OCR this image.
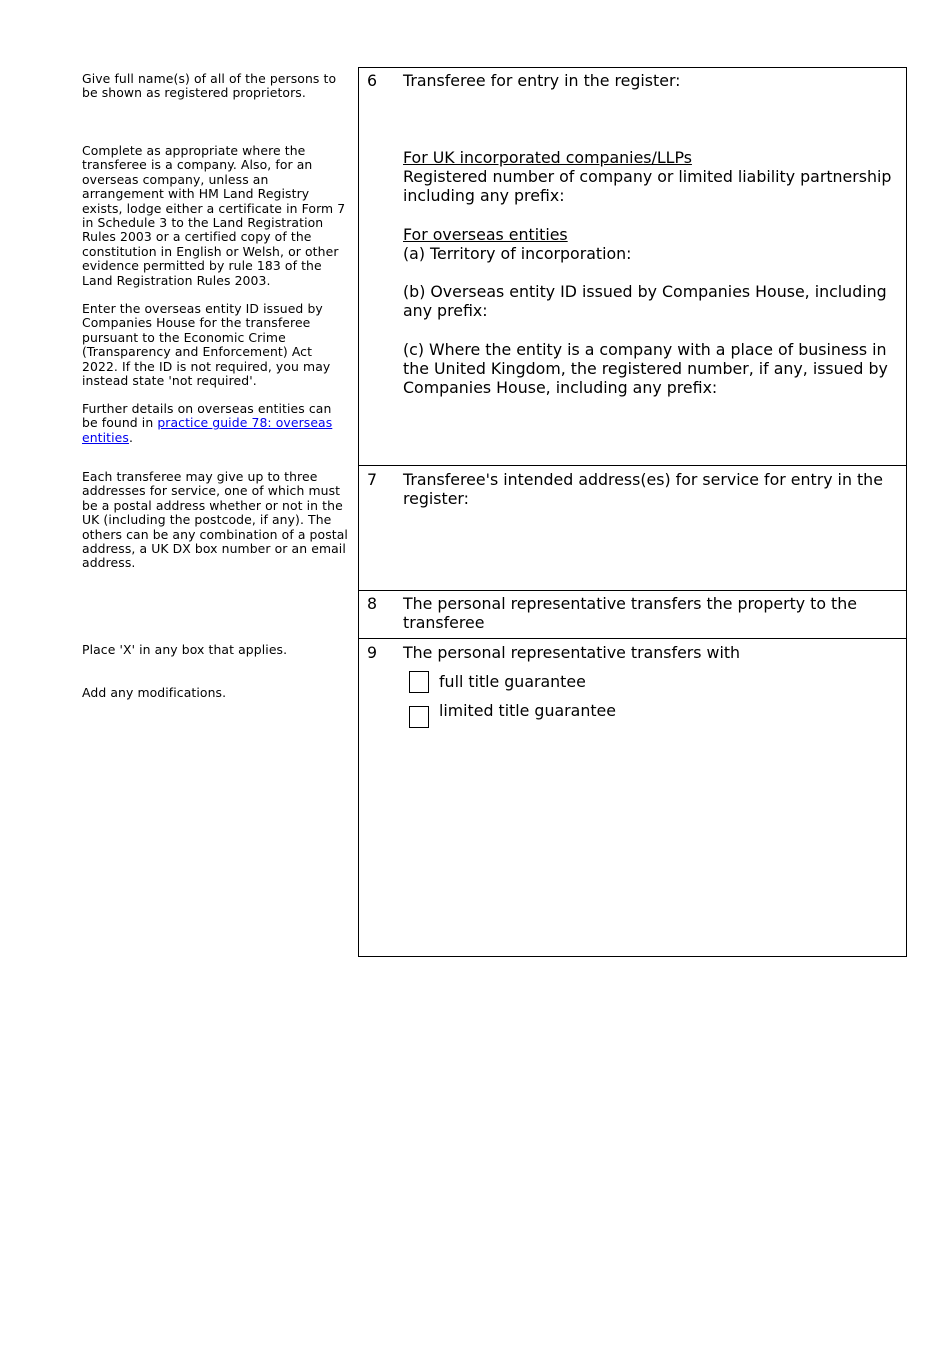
Give full name(s) of all of the persons to be shown as registered proprietors.

Complete as appropriate where the transferee is a company. Also, for an overseas company, unless an arrangement with HM Land Registry exists, lodge either a certificate in Form 7 in Schedule 3 to the Land Registration Rules 2003 or a certified copy of the constitution in English or Welsh, or other evidence permitted by rule 183 of the Land Registration Rules 2003.

Enter the overseas entity ID issued by Companies House for the transferee pursuant to the Economic Crime (Transparency and Enforcement) Act 2022. If the ID is not required, you may instead state 'not required'.

Further details on overseas entities can be found in practice guide 78: overseas entities.

Each transferee may give up to three addresses for service, one of which must be a postal address whether or not in the UK (including the postcode, if any). The others can be any combination of a postal address, a UK DX box number or an email address.

Place 'X' in any box that applies.

Add any modifications.

6 Transferee for entry in the register:

For UK incorporated companies/LLPs

Registered number of company or limited liability partnership including any prefix:

For overseas entities

(a) Territory of incorporation:

(b) Overseas entity ID issued by Companies House, including any prefix:
(c) Where the entity is a company with a place of business in the United Kingdom, the registered number, if any, issued by Companies House, including any prefix:
7 Transferee's intended address(es) for service for entry in the register:
8 The personal representative transfers the property to the transferee
9 The personal representative transfers with
full title guarantee
limited title guarantee
